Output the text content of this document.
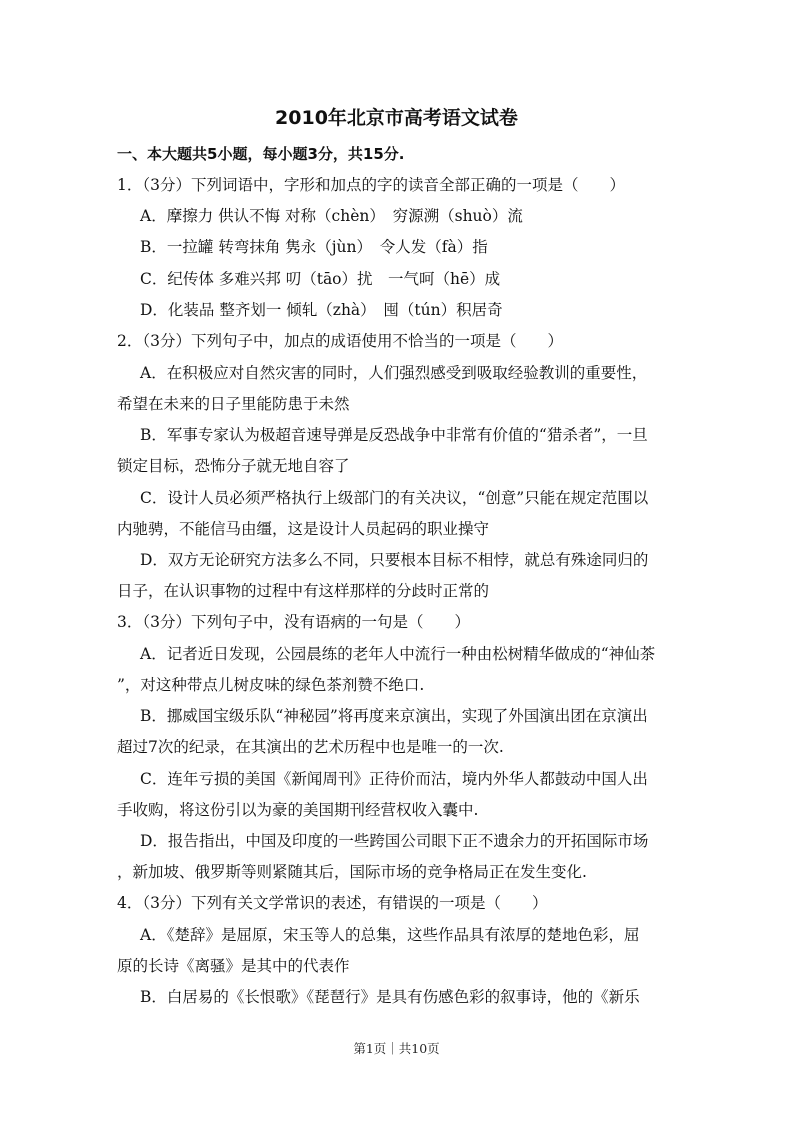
2010年北京市高考语文试卷
一、本大题共5小题，每小题3分，共15分.
1．（3分）下列词语中，字形和加点的字的读音全部正确的一项是（　　）
A．摩擦力 供认不悔 对称（chèn）　穷源溯（shuò）流
B．一拉罐 转弯抹角 隽永（jùn）　令人发（fà）指
C．纪传体 多难兴邦 叨（tāo）扰　一气呵（hē）成
D．化装品 整齐划一 倾轧（zhà）　囤（tún）积居奇
2．（3分）下列句子中，加点的成语使用不恰当的一项是（　　）
A．在积极应对自然灾害的同时，人们强烈感受到吸取经验教训的重要性，
希望在未来的日子里能防患于未然
B．军事专家认为极超音速导弹是反恐战争中非常有价值的“猎杀者”，一旦
锁定目标，恐怖分子就无地自容了
C．设计人员必须严格执行上级部门的有关决议，“创意”只能在规定范围以
内驰骋，不能信马由缰，这是设计人员起码的职业操守
D．双方无论研究方法多么不同，只要根本目标不相悖，就总有殊途同归的
日子，在认识事物的过程中有这样那样的分歧时正常的
3．（3分）下列句子中，没有语病的一句是（　　）
A．记者近日发现，公园晨练的老年人中流行一种由松树精华做成的“神仙茶
”，对这种带点儿树皮味的绿色茶剂赞不绝口.
B．挪威国宝级乐队“神秘园”将再度来京演出，实现了外国演出团在京演出
超过7次的纪录，在其演出的艺术历程中也是唯一的一次.
C．连年亏损的美国《新闻周刊》正待价而沽，境内外华人都鼓动中国人出
手收购，将这份引以为豪的美国期刊经营权收入囊中.
D．报告指出，中国及印度的一些跨国公司眼下正不遗余力的开拓国际市场
，新加坡、俄罗斯等则紧随其后，国际市场的竞争格局正在发生变化.
4．（3分）下列有关文学常识的表述，有错误的一项是（　　）
A．《楚辞》是屈原，宋玉等人的总集，这些作品具有浓厚的楚地色彩，屈
原的长诗《离骚》是其中的代表作
B．白居易的《长恨歌》《琵琶行》是具有伤感色彩的叙事诗，他的《新乐
第1页｜共10页
